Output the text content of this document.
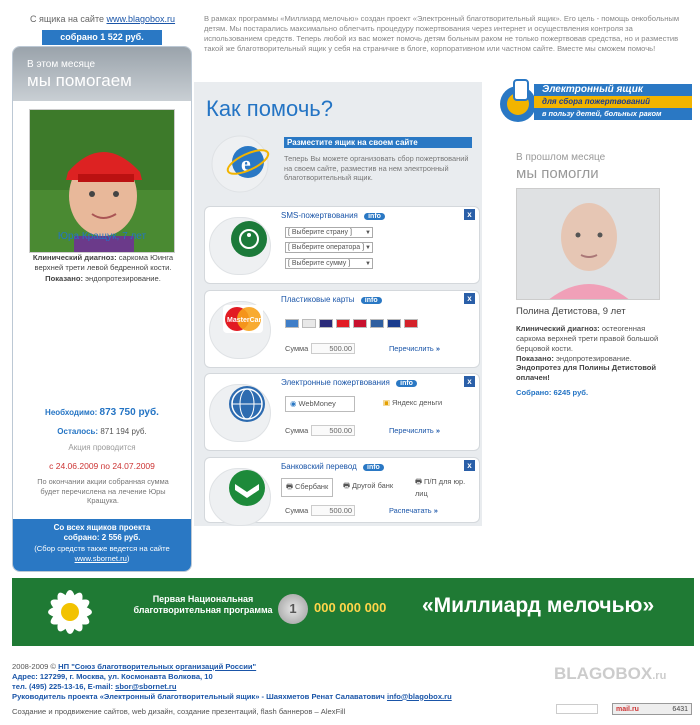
С ящика на сайте www.blagobox.ru
собрано 1 522 руб.
В рамках программы «Миллиард мелочью» создан проект «Электронный благотворительный ящик». Его цель - помощь онкобольным детям. Мы постарались максимально облегчить процедуру пожертвования через интернет и осуществления контроля за использованием средств. Теперь любой из вас может помочь детям больным раком не только пожертвовав средства, но и разместив такой же благотворительный ящик у себя на страничке в блоге, корпоративном или частном сайте. Вместе мы сможем помочь!
В этом месяце
мы помогаем
Юра Кращук, 7 лет
Клинический диагноз: саркома Юинга верхней трети левой бедренной кости.
Показано: эндопротезирование.
Необходимо: 873 750 руб.
Осталось: 871 194 руб.
Акция проводится
с 24.06.2009 по 24.07.2009
По окончании акции собранная сумма будет перечислена на лечение Юры Кращука.
Со всех ящиков проекта
собрано: 2 556 руб.
(Сбор средств также ведется на сайте www.sbornet.ru)
Как помочь?
e
Разместите ящик на своем сайте
Теперь Вы можете организовать сбор пожертвований на своем сайте, разместив на нем электронный благотворительный ящик.
SMS-пожертвования info	x
[ Выберите страну ] ▼
[ Выберите оператора ] ▼
[ Выберите сумму ] ▼
MasterCard
Пластиковые карты info	x
Сумма	500.00	Перечислить »
Электронные пожертвования info	x
◉ WebMoney	▣ Яндекс деньги
Сумма	500.00	Перечислить »
Банковский перевод info	x
🖶 Сбербанк	🖶 Другой банк	🖶 П/П для юр. лиц
Сумма	500.00	Распечатать »
Электронный ящик
для сбора пожертвований
в пользу детей, больных раком
В прошлом месяце
мы помогли
Полина Детистова, 9 лет
Клинический диагноз: остеогенная саркома верхней трети правой большой берцовой кости.
Показано: эндопротезирование.
Эндопротез для Полины Детистовой оплачен!
Собрано: 6245 руб.
Первая Национальная благотворительная программа	1	000 000 000 «Миллиард мелочью»
2008-2009 © НП "Союз благотворительных организаций России"
Адрес: 127299, г. Москва, ул. Космонавта Волкова, 10
тел. (495) 225-13-16, E-mail: sbor@sbornet.ru
Руководитель проекта «Электронный благотворительный ящик» - Шаяхметов Ренат Салаватович info@blagobox.ru
Создание и продвижение сайтов, web дизайн, создание презентаций, flash баннеров – AlexFill
BLAGOBOX.ru
mail.ru	6431
